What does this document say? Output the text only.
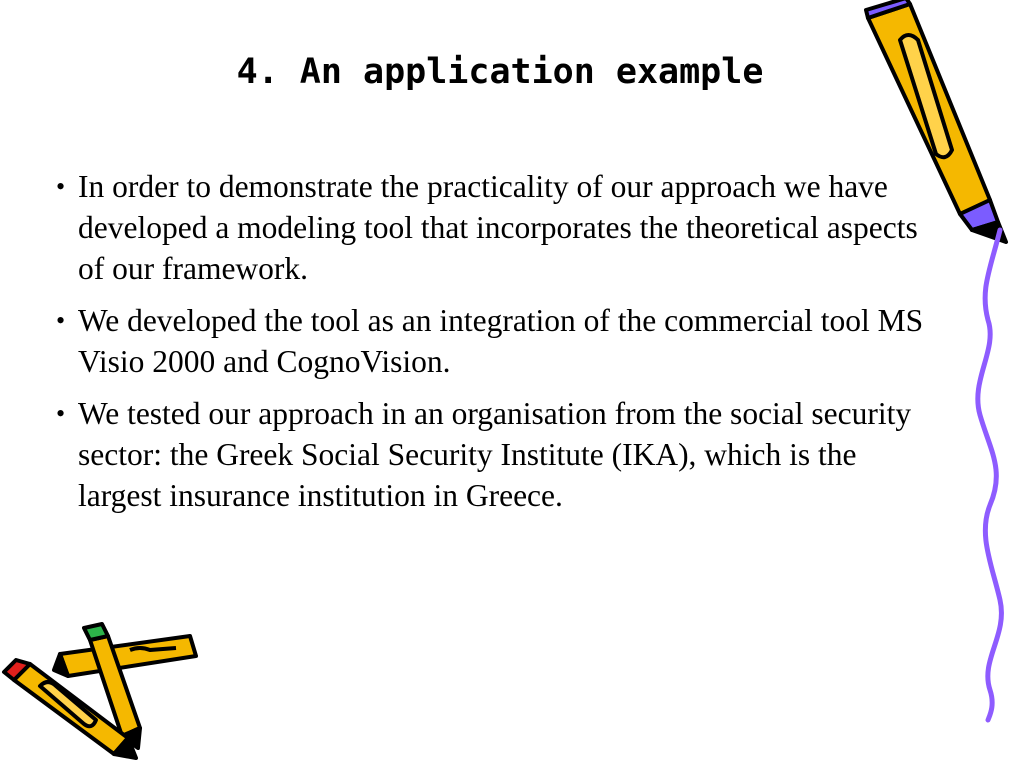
4. An application example
• In order to demonstrate the practicality of our approach we have developed a modeling tool that incorporates the theoretical aspects of our framework.
• We developed the tool as an integration of the commercial tool MS Visio 2000 and CognoVision.
• We tested our approach in an organisation from the social security sector: the Greek Social Security Institute (IKA), which is the largest insurance institution in Greece.
